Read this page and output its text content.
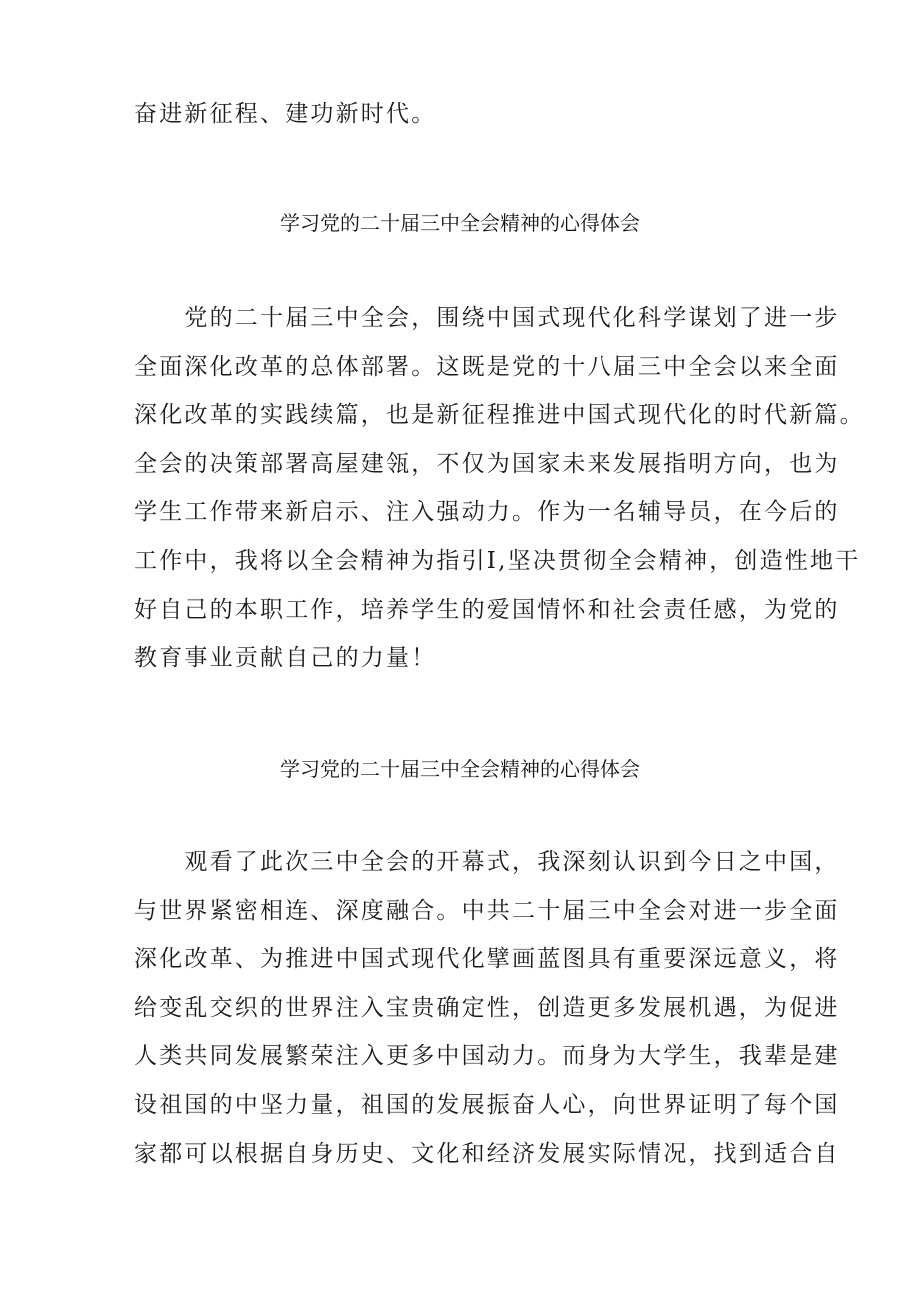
奋进新征程、建功新时代。
学习党的二十届三中全会精神的心得体会
　　党的二十届三中全会，围绕中国式现代化科学谋划了进一步
全面深化改革的总体部署。这既是党的十八届三中全会以来全面
深化改革的实践续篇，也是新征程推进中国式现代化的时代新篇。
全会的决策部署高屋建瓴，不仅为国家未来发展指明方向，也为
学生工作带来新启示、注入强动力。作为一名辅导员，在今后的
工作中，我将以全会精神为指引I,坚决贯彻全会精神，创造性地干
好自己的本职工作，培养学生的爱国情怀和社会责任感，为党的
教育事业贡献自己的力量！
学习党的二十届三中全会精神的心得体会
　　观看了此次三中全会的开幕式，我深刻认识到今日之中国，
与世界紧密相连、深度融合。中共二十届三中全会对进一步全面
深化改革、为推进中国式现代化擘画蓝图具有重要深远意义，将
给变乱交织的世界注入宝贵确定性，创造更多发展机遇，为促进
人类共同发展繁荣注入更多中国动力。而身为大学生，我辈是建
设祖国的中坚力量，祖国的发展振奋人心，向世界证明了每个国
家都可以根据自身历史、文化和经济发展实际情况，找到适合自
